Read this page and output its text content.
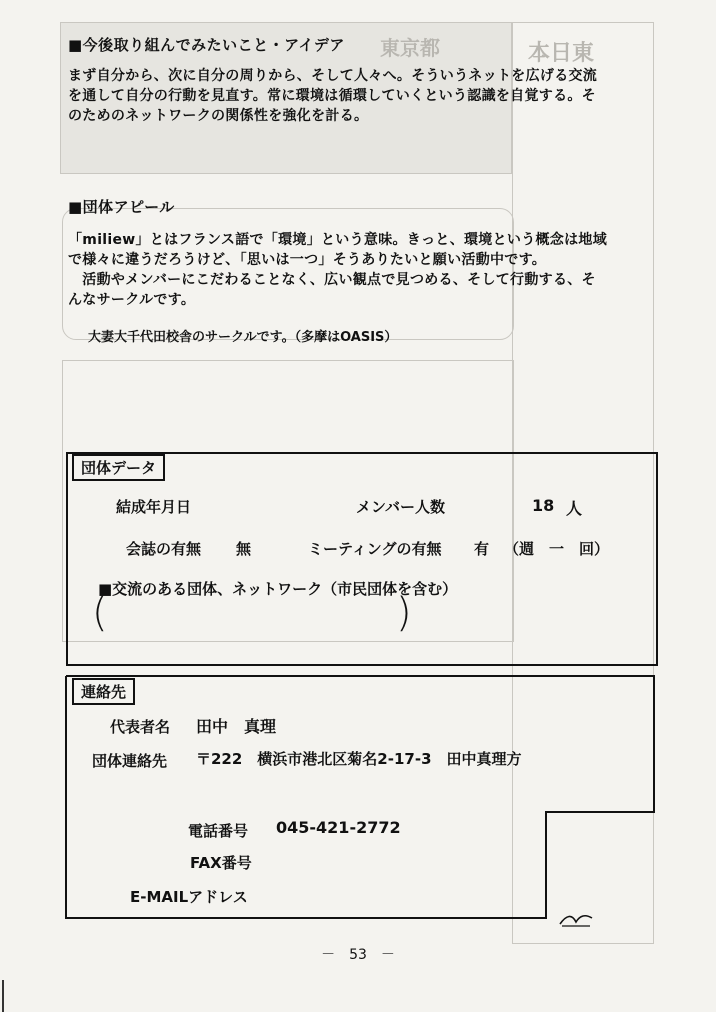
東京都	本日東
■今後取り組んでみたいこと・アイデア
まず自分から、次に自分の周りから、そして人々へ。そういうネットを広げる交流
を通して自分の行動を見直す。常に環境は循環していくという認識を自覚する。そ
のためのネットワークの関係性を強化を計る。
■団体アピール
「miliew」とはフランス語で「環境」という意味。きっと、環境という概念は地域
で様々に違うだろうけど、「思いは一つ」そうありたいと願い活動中です。
　活動やメンバーにこだわることなく、広い観点で見つめる、そして行動する、そ
んなサークルです。
大妻大千代田校舎のサークルです。（多摩はOASIS）
団体データ
結成年月日	メンバー人数	18 人
会誌の有無 無	ミーティングの有無 有 （週　一　回）
■交流のある団体、ネットワーク（市民団体を含む）
(	)
連絡先
代表者名 田中　真理
団体連絡先 〒222　横浜市港北区菊名2-17-3　田中真理方
電話番号 045-421-2772
FAX番号
E-MAILアドレス
－　53　－
